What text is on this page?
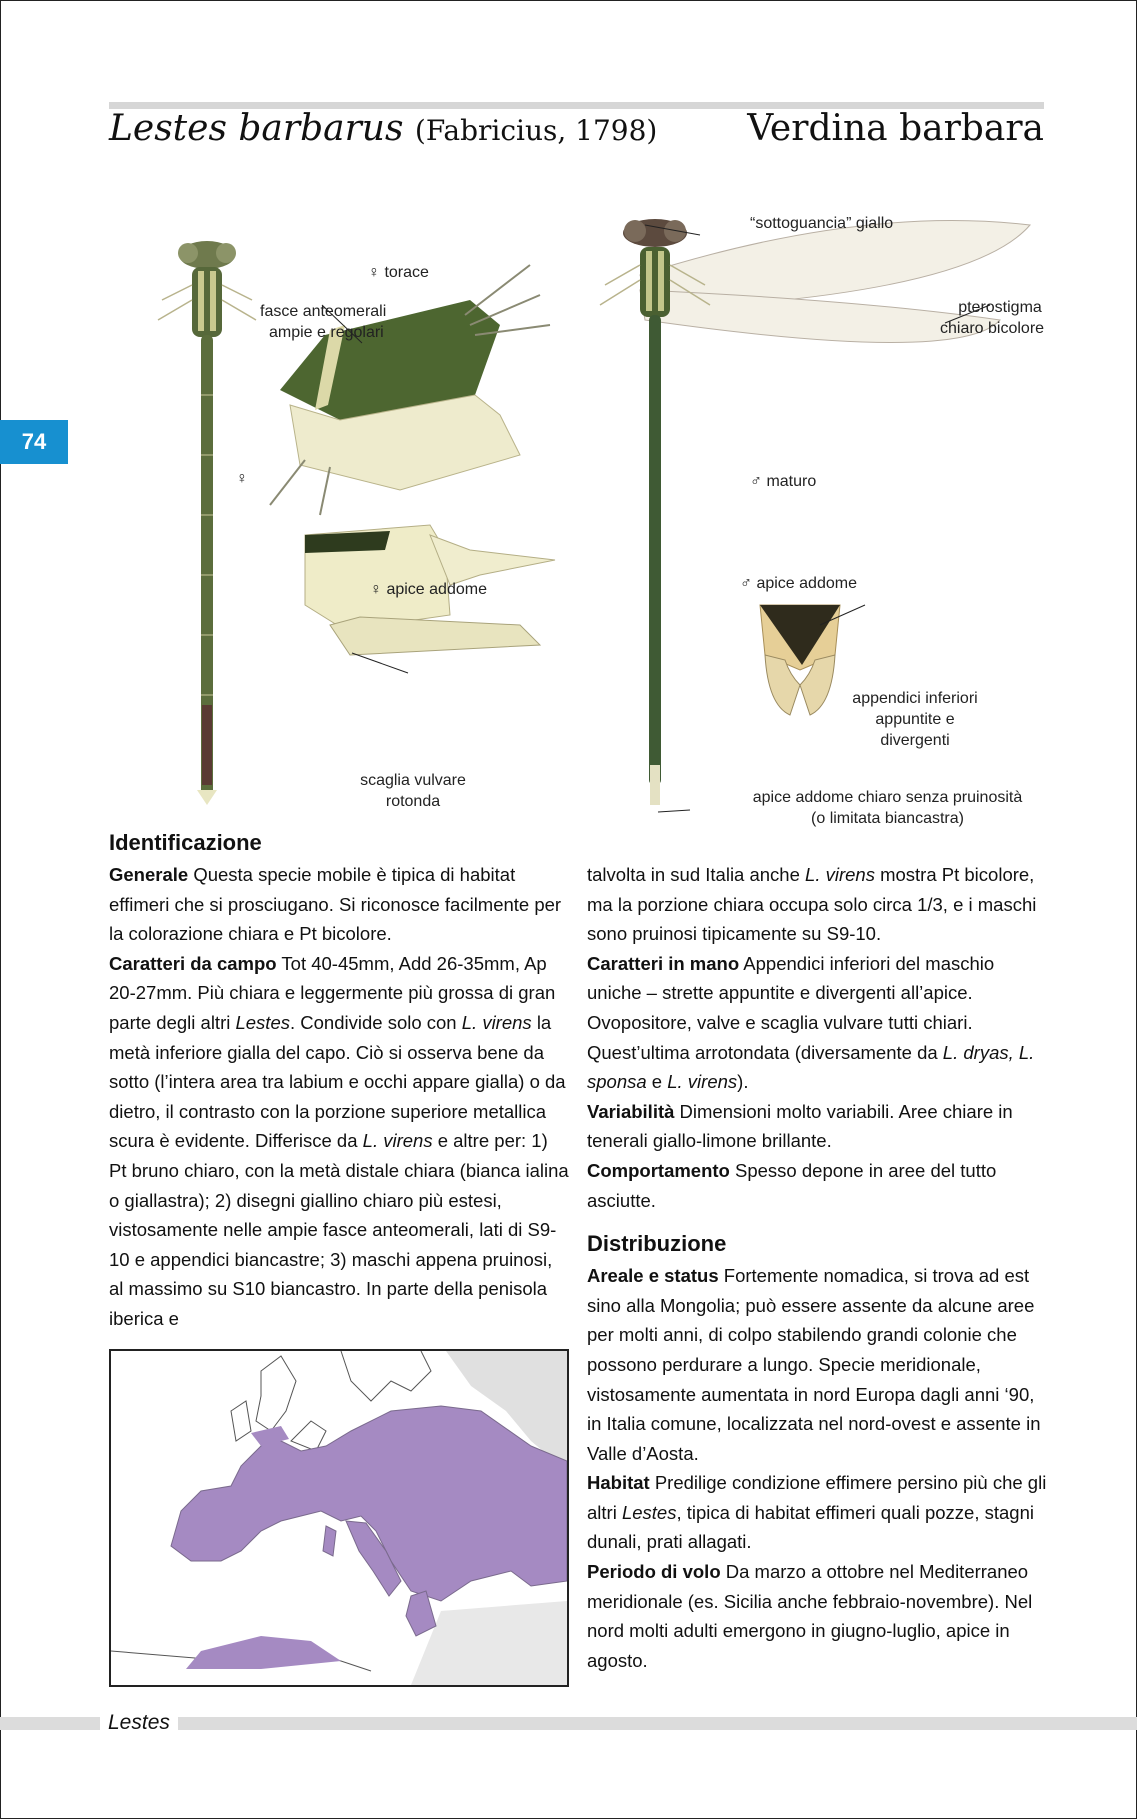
Lestes barbarus (Fabricius, 1798) Verdina barbara
74
♀ torace
fasce anteomerali
ampie e regolari
♀
♀ apice addome
scaglia vulvare
rotonda
“sottoguancia” giallo
pterostigma
chiaro bicolore
♂ maturo
♂ apice addome
appendici inferiori
appuntite e
divergenti
apice addome chiaro senza pruinosità
(o limitata biancastra)
Identificazione

Generale Questa specie mobile è tipica di habitat effimeri che si prosciugano. Si riconosce facilmente per la colorazione chiara e Pt bicolore.

Caratteri da campo Tot 40-45mm, Add 26-35mm, Ap 20-27mm. Più chiara e leggermente più grossa di gran parte degli altri Lestes. Condivide solo con L. virens la metà inferiore gialla del capo. Ciò si osserva bene da sotto (l’intera area tra labium e occhi appare gialla) o da dietro, il contrasto con la porzione superiore metallica scura è evidente. Differisce da L. virens e altre per: 1) Pt bruno chiaro, con la metà distale chiara (bianca ialina o giallastra); 2) disegni giallino chiaro più estesi, vistosamente nelle ampie fasce anteomerali, lati di S9-10 e appendici biancastre; 3) maschi appena pruinosi, al massimo su S10 biancastro. In parte della penisola iberica e

talvolta in sud Italia anche L. virens mostra Pt bicolore, ma la porzione chiara occupa solo circa 1/3, e i maschi sono pruinosi tipicamente su S9-10.

Caratteri in mano Appendici inferiori del maschio uniche – strette appuntite e divergenti all’apice. Ovopositore, valve e scaglia vulvare tutti chiari. Quest’ultima arrotondata (diversamente da L. dryas, L. sponsa e L. virens).

Variabilità Dimensioni molto variabili. Aree chiare in tenerali giallo-limone brillante.

Comportamento Spesso depone in aree del tutto asciutte.

Distribuzione

Areale e status Fortemente nomadica, si trova ad est sino alla Mongolia; può essere assente da alcune aree per molti anni, di colpo stabilendo grandi colonie che possono perdurare a lungo. Specie meridionale, vistosamente aumentata in nord Europa dagli anni ‘90, in Italia comune, localizzata nel nord-ovest e assente in Valle d’Aosta.

Habitat Predilige condizione effimere persino più che gli altri Lestes, tipica di habitat effimeri quali pozze, stagni dunali, prati allagati.

Periodo di volo Da marzo a ottobre nel Mediterraneo meridionale (es. Sicilia anche febbraio-novembre). Nel nord molti adulti emergono in giugno-luglio, apice in agosto.

Lestes
